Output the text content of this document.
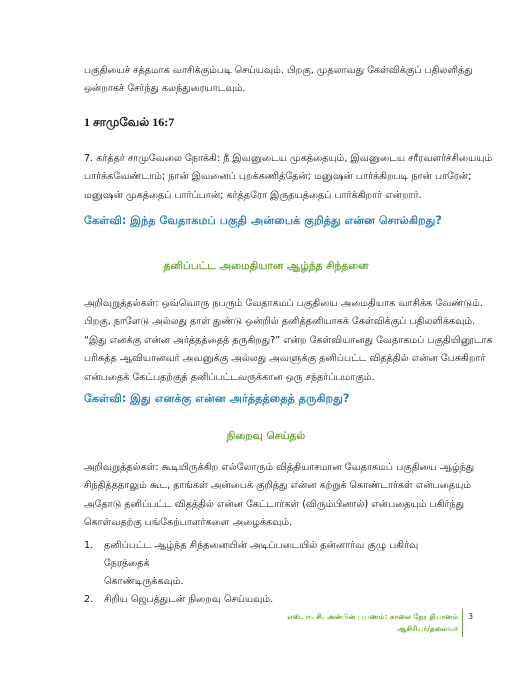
பகுதியைச் சத்தமாக வாசிக்கும்படி செய்யவும். பிறகு, முதலாவது கேள்விக்குப் பதிலளித்து
ஒன்றாகச் சேர்ந்து கலந்துரையாடவும்.

1 சாமுவேல் 16:7

7. கர்த்தர் சாமுவேலை நோக்கி: நீ இவனுடைய முகத்தையும், இவனுடைய சரீரவளர்ச்சியையும்
பார்க்கவேண்டாம்; நான் இவனைப் புறக்கணித்தேன்; மனுஷன் பார்க்கிறபடி நான் பாரேன்;
மனுஷன் முகத்தைப் பார்ப்பான்; கர்த்தரோ இருதயத்தைப் பார்க்கிறார் என்றார்.

கேள்வி: இந்த வேதாகமப் பகுதி அன்பைக் குறித்து என்ன சொல்கிறது?

தனிப்பட்ட அமைதியான ஆழ்ந்த சிந்தனை

அறிவுறுத்தல்கள்: ஒவ்வொரு நபரும் வேதாகமப் பகுதியை அமைதியாக வாசிக்க வேண்டும்.
பிறகு, நாளேடு அல்லது தாள் துண்டு ஒன்றில் தனித்தனியாகக் கேள்விக்குப் பதிலளிக்கவும்.
“இது எனக்கு என்ன அர்த்தத்தைத் தருகிறது?” என்ற கேள்வியானது வேதாகமப் பகுதியினூடாக
பரிசுத்த ஆவியானவர் அவனுக்கு அல்லது அவளுக்கு தனிப்பட்ட விதத்தில் என்ன பேசுகிறார்
என்பதைக் கேட்பதற்குத் தனிப்பட்டவருக்கான ஒரு சந்தர்ப்பமாகும்.

கேள்வி: இது எனக்கு என்ன அர்த்தத்தைத் தருகிறது?

நிறைவு செய்தல்

அறிவுறுத்தல்கள்: கூடியிருக்கிற எல்லோரும் வித்தியாசமான வேதாகமப் பகுதியை ஆழ்ந்து
சிந்தித்ததாலும் கூட, தாங்கள் அன்பைக் குறித்து என்ன கற்றுக் கொண்டார்கள் என்பதையும்
அதோடு தனிப்பட்ட விதத்தில் என்ன கேட்டார்கள் (விரும்பினால்) என்பதையும் பகிர்ந்து
கொள்வதற்கு பங்கேற்பாளர்களை அழைக்கவும்.

1. தனிப்பட்ட ஆழ்ந்த சிந்தனையின் அடிப்படையில் தன்னார்வ குழு பகிர்வு நேரத்தைக்
கொண்டிருக்கவும்.
2. சிறிய ஜெபத்துடன் நிறைவு செய்யவும்.
எஸ். ஈ. சி. அன்பின் பயணம்: காலை நேர தியானம்
ஆசிரியர்/தலைவர்
3
